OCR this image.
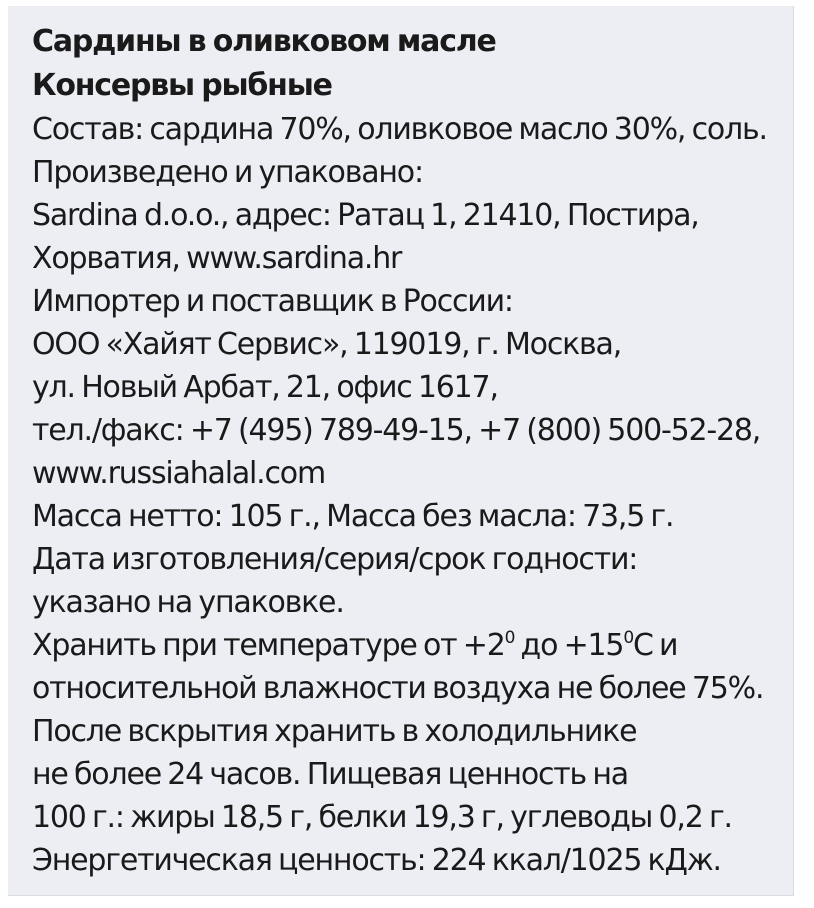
Сардины в оливковом масле
Консервы рыбные
Состав: сардина 70%, оливковое масло 30%, соль.
Произведено и упаковано:
Sardina d.o.o., адрес: Ратац 1, 21410, Постира,
Хорватия, www.sardina.hr
Импортер и поставщик в России:
ООО «Хайят Сервис», 119019, г. Москва,
ул. Новый Арбат, 21, офис 1617,
тел./факс: +7 (495) 789-49-15, +7 (800) 500-52-28,
www.russiahalal.com
Масса нетто: 105 г., Масса без масла: 73,5 г.
Дата изготовления/серия/срок годности:
указано на упаковке.
Хранить при температуре от $+2^0$ до $+15^0С$ и
относительной влажности воздуха не более 75%.
После вскрытия хранить в холодильнике
не более 24 часов. Пищевая ценность на
100 г.: жиры 18,5 г, белки 19,3 г, углеводы 0,2 г.
Энергетическая ценность: 224 ккал/1025 кДж.
